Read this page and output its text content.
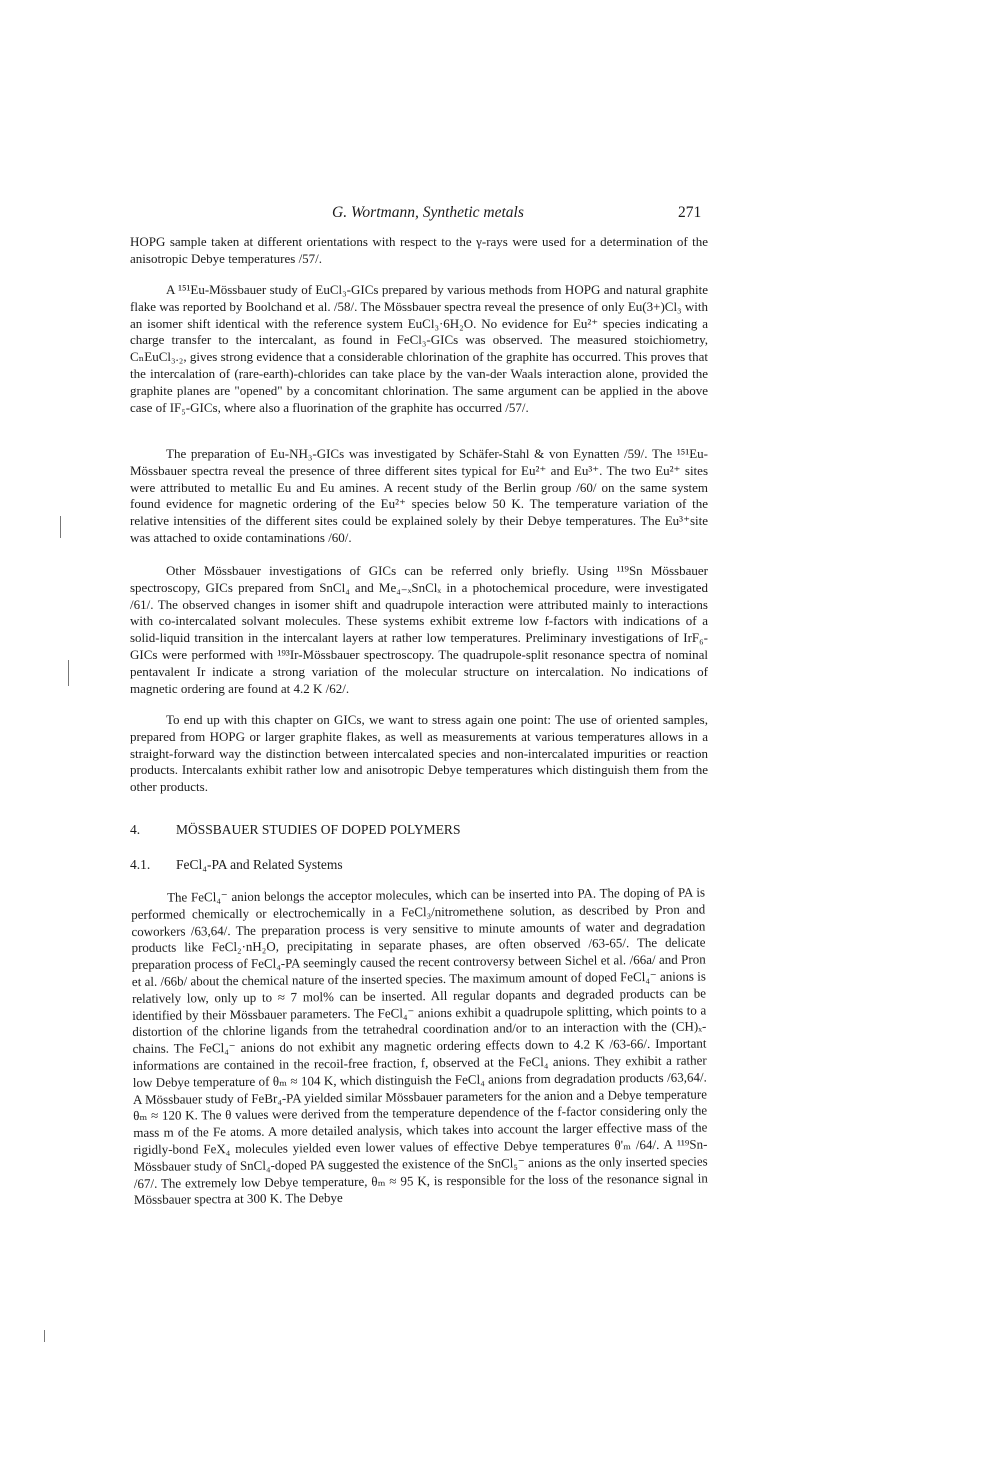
G. Wortmann, Synthetic metals	271

HOPG sample taken at different orientations with respect to the γ-rays were used for a determination of the anisotropic Debye temperatures /57/.

A ¹⁵¹Eu-Mössbauer study of EuCl₃-GICs prepared by various methods from HOPG and natural graphite flake was reported by Boolchand et al. /58/. The Mössbauer spectra reveal the presence of only Eu(3+)Cl₃ with an isomer shift identical with the reference system EuCl₃·6H₂O. No evidence for Eu²⁺ species indicating a charge transfer to the intercalant, as found in FeCl₃-GICs was observed. The measured stoichiometry, CₙEuCl₃.₂, gives strong evidence that a considerable chlorination of the graphite has occurred. This proves that the intercalation of (rare-earth)-chlorides can take place by the van-der Waals interaction alone, provided the graphite planes are "opened" by a concomitant chlorination. The same argument can be applied in the above case of IF₅-GICs, where also a fluorination of the graphite has occurred /57/.

The preparation of Eu-NH₃-GICs was investigated by Schäfer-Stahl & von Eynatten /59/. The ¹⁵¹Eu-Mössbauer spectra reveal the presence of three different sites typical for Eu²⁺ and Eu³⁺. The two Eu²⁺ sites were attributed to metallic Eu and Eu amines. A recent study of the Berlin group /60/ on the same system found evidence for magnetic ordering of the Eu²⁺ species below 50 K. The temperature variation of the relative intensities of the different sites could be explained solely by their Debye temperatures. The Eu³⁺site was attached to oxide contaminations /60/.

Other Mössbauer investigations of GICs can be referred only briefly. Using ¹¹⁹Sn Mössbauer spectroscopy, GICs prepared from SnCl₄ and Me₄₋ₓSnClₓ in a photochemical procedure, were investigated /61/. The observed changes in isomer shift and quadrupole interaction were attributed mainly to interactions with co-intercalated solvant molecules. These systems exhibit extreme low f-factors with indications of a solid-liquid transition in the intercalant layers at rather low temperatures. Preliminary investigations of IrF₆-GICs were performed with ¹⁹³Ir-Mössbauer spectroscopy. The quadrupole-split resonance spectra of nominal pentavalent Ir indicate a strong variation of the molecular structure on intercalation. No indications of magnetic ordering are found at 4.2 K /62/.

To end up with this chapter on GICs, we want to stress again one point: The use of oriented samples, prepared from HOPG or larger graphite flakes, as well as measurements at various temperatures allows in a straight-forward way the distinction between intercalated species and non-intercalated impurities or reaction products. Intercalants exhibit rather low and anisotropic Debye temperatures which distinguish them from the other products.

4.	MÖSSBAUER STUDIES OF DOPED POLYMERS
4.1. FeCl₄-PA and Related Systems

The FeCl₄⁻ anion belongs the acceptor molecules, which can be inserted into PA. The doping of PA is performed chemically or electrochemically in a FeCl₃/nitromethene solution, as described by Pron and coworkers /63,64/. The preparation process is very sensitive to minute amounts of water and degradation products like FeCl₂·nH₂O, precipitating in separate phases, are often observed /63-65/. The delicate preparation process of FeCl₄-PA seemingly caused the recent controversy between Sichel et al. /66a/ and Pron et al. /66b/ about the chemical nature of the inserted species. The maximum amount of doped FeCl₄⁻ anions is relatively low, only up to ≈ 7 mol% can be inserted. All regular dopants and degraded products can be identified by their Mössbauer parameters. The FeCl₄⁻ anions exhibit a quadrupole splitting, which points to a distortion of the chlorine ligands from the tetrahedral coordination and/or to an interaction with the (CH)ₓ-chains. The FeCl₄⁻ anions do not exhibit any magnetic ordering effects down to 4.2 K /63-66/. Important informations are contained in the recoil-free fraction, f, observed at the FeCl₄ anions. They exhibit a rather low Debye temperature of θₘ ≈ 104 K, which distinguish the FeCl₄ anions from degradation products /63,64/. A Mössbauer study of FeBr₄-PA yielded similar Mössbauer parameters for the anion and a Debye temperature θₘ ≈ 120 K. The θ values were derived from the temperature dependence of the f-factor considering only the mass m of the Fe atoms. A more detailed analysis, which takes into account the larger effective mass of the rigidly-bond FeX₄ molecules yielded even lower values of effective Debye temperatures θ'ₘ /64/. A ¹¹⁹Sn-Mössbauer study of SnCl₄-doped PA suggested the existence of the SnCl₅⁻ anions as the only inserted species /67/. The extremely low Debye temperature, θₘ ≈ 95 K, is responsible for the loss of the resonance signal in Mössbauer spectra at 300 K. The Debye
